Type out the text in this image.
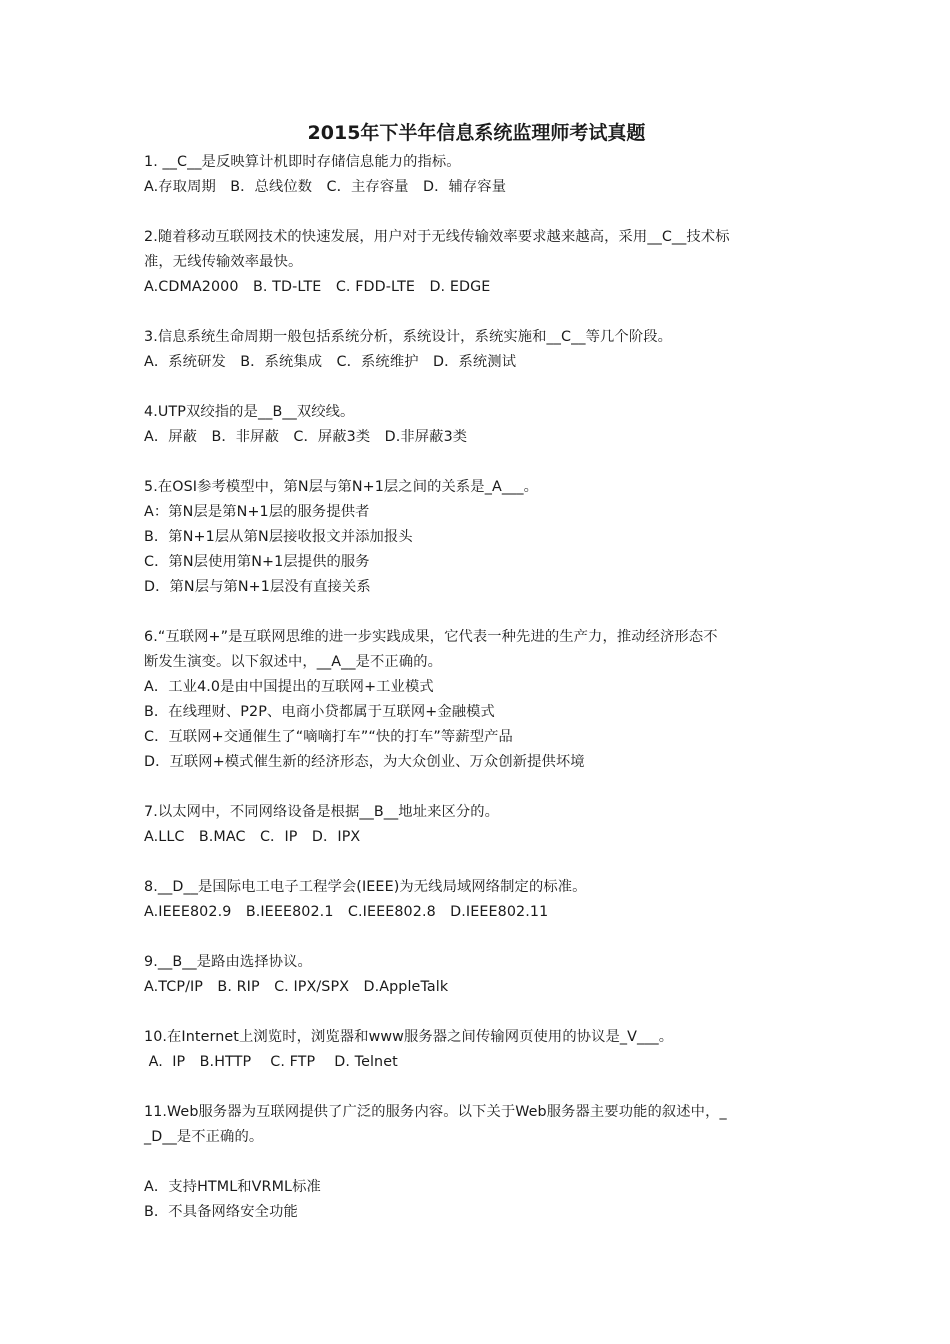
2015年下半年信息系统监理师考试真题
1. __C__是反映算计机即时存储信息能力的指标。
A.存取周期　B．总线位数　C．主存容量　D．辅存容量
2.随着移动互联网技术的快速发展，用户对于无线传输效率要求越来越高，采用__C__技术标
准，无线传输效率最快。
A.CDMA2000　B. TD-LTE　C. FDD-LTE　D. EDGE
3.信息系统生命周期一般包括系统分析，系统设计，系统实施和__C__等几个阶段。
A．系统研发　B．系统集成　C．系统维护　D．系统测试
4.UTP双绞指的是__B__双绞线。
A．屏蔽　B．非屏蔽　C．屏蔽3类　D.非屏蔽3类
5.在OSI参考模型中，第N层与第N+1层之间的关系是_A___。
A：第N层是第N+1层的服务提供者
B．第N+1层从第N层接收报文并添加报头
C．第N层使用第N+1层提供的服务
D．第N层与第N+1层没有直接关系
6.“互联网+”是互联网思维的进一步实践成果，它代表一种先进的生产力，推动经济形态不
断发生演变。以下叙述中，__A__是不正确的。
A．工业4.0是由中国提出的互联网+工业模式
B．在线理财、P2P、电商小贷都属于互联网+金融模式
C．互联网+交通催生了“嘀嘀打车”“快的打车”等薪型产品
D．互联网+模式催生新的经济形态，为大众创业、万众创新提供坏境
7.以太网中，不同网络设备是根据__B__地址来区分的。
A.LLC　B.MAC　C．IP　D．IPX
8.__D__是国际电工电子工程学会(IEEE)为无线局域网络制定的标准。
A.IEEE802.9　B.IEEE802.1　C.IEEE802.8　D.IEEE802.11
9.__B__是路由选择协议。
A.TCP/IP　B. RIP　C. IPX/SPX　D.AppleTalk
10.在Internet上浏览时，浏览器和www服务器之间传输网页使用的协议是_V___。
A.  IP　B.HTTP　 C. FTP　 D. Telnet
11.Web服务器为互联网提供了广泛的服务内容。以下关于Web服务器主要功能的叙述中，_
_D__是不正确的。
A．支持HTML和VRML标准
B．不具备网络安全功能
